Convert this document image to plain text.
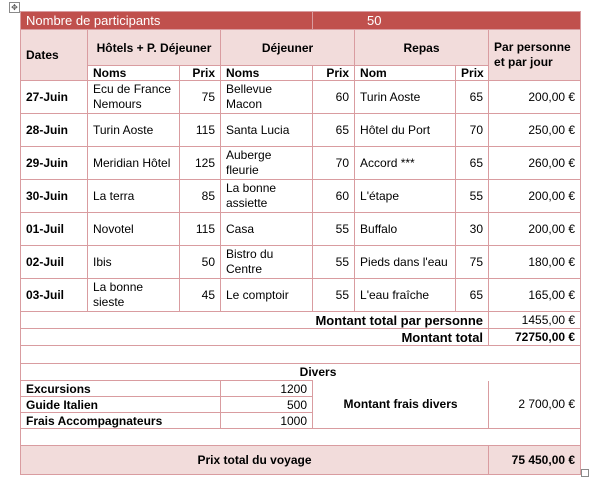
✥
Nombre de participants				50			
Dates	Hôtels + P. Déjeuner		Déjeuner		Repas		Par personne et par jour
	Noms	Prix	Noms	Prix	Nom	Prix	
27-Juin	Ecu de France Nemours	75	Bellevue Macon	60	Turin Aoste	65	200,00 €
28-Juin	Turin Aoste	115	Santa Lucia	65	Hôtel du Port	70	250,00 €
29-Juin	Meridian Hôtel	125	Auberge fleurie	70	Accord ***	65	260,00 €
30-Juin	La terra	85	La bonne assiette	60	L'étape	55	200,00 €
01-Juil	Novotel	115	Casa	55	Buffalo	30	200,00 €
02-Juil	Ibis	50	Bistro du Centre	55	Pieds dans l'eau	75	180,00 €
03-Juil	La bonne sieste	45	Le comptoir	55	L'eau fraîche	65	165,00 €
Montant total par personne							1455,00 €
Montant total							72750,00 €

Divers							
Excursions			1200	Montant frais divers			2 700,00 €
Guide Italien			500				
Frais Accompagnateurs			1000				

Prix total du voyage							75 450,00 €
